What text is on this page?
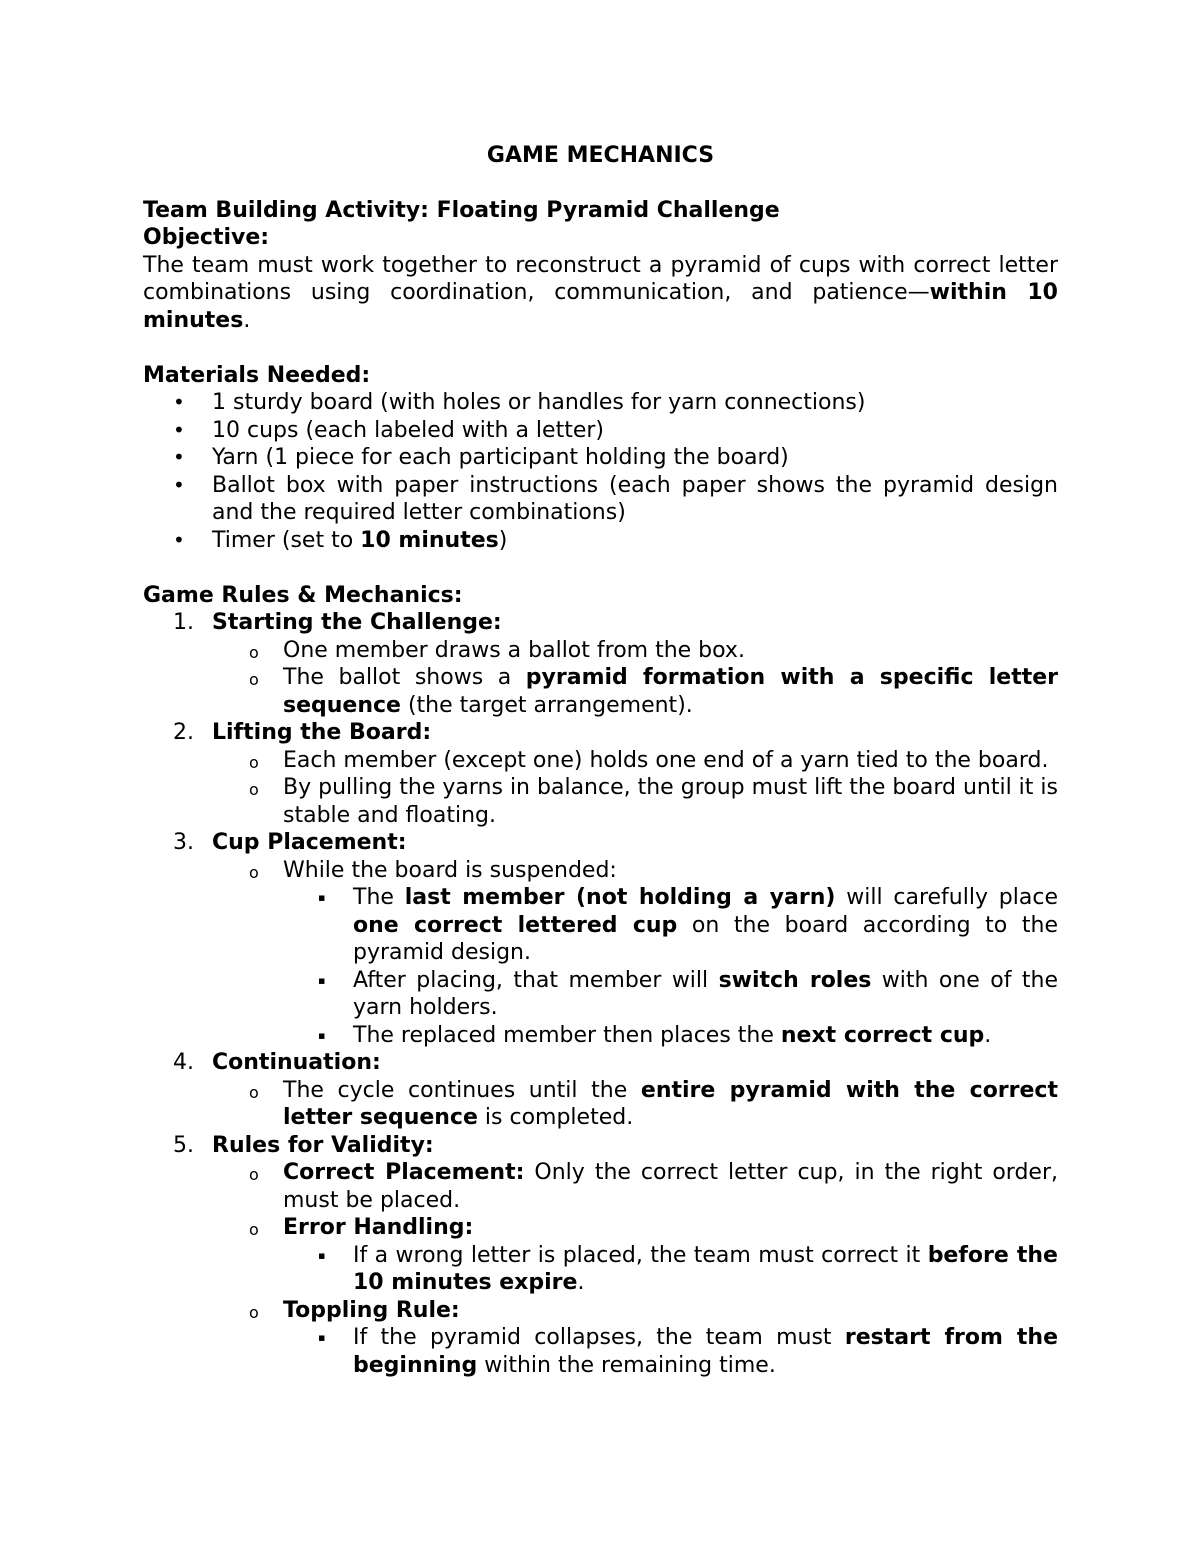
GAME MECHANICS
Team Building Activity: Floating Pyramid Challenge
Objective:
The team must work together to reconstruct a pyramid of cups with correct letter combinations using coordination, communication, and patience—within 10 minutes.
Materials Needed:
• 1 sturdy board (with holes or handles for yarn connections)
• 10 cups (each labeled with a letter)
• Yarn (1 piece for each participant holding the board)
• Ballot box with paper instructions (each paper shows the pyramid design and the required letter combinations)
• Timer (set to 10 minutes)
Game Rules & Mechanics:
1. Starting the Challenge:
o One member draws a ballot from the box.
o The ballot shows a pyramid formation with a specific letter sequence (the target arrangement).
2. Lifting the Board:
o Each member (except one) holds one end of a yarn tied to the board.
o By pulling the yarns in balance, the group must lift the board until it is stable and floating.
3. Cup Placement:
o While the board is suspended:
▪ The last member (not holding a yarn) will carefully place one correct lettered cup on the board according to the pyramid design.
▪ After placing, that member will switch roles with one of the yarn holders.
▪ The replaced member then places the next correct cup.
4. Continuation:
o The cycle continues until the entire pyramid with the correct letter sequence is completed.
5. Rules for Validity:
o Correct Placement: Only the correct letter cup, in the right order, must be placed.
o Error Handling:
▪ If a wrong letter is placed, the team must correct it before the 10 minutes expire.
o Toppling Rule:
▪ If the pyramid collapses, the team must restart from the beginning within the remaining time.
